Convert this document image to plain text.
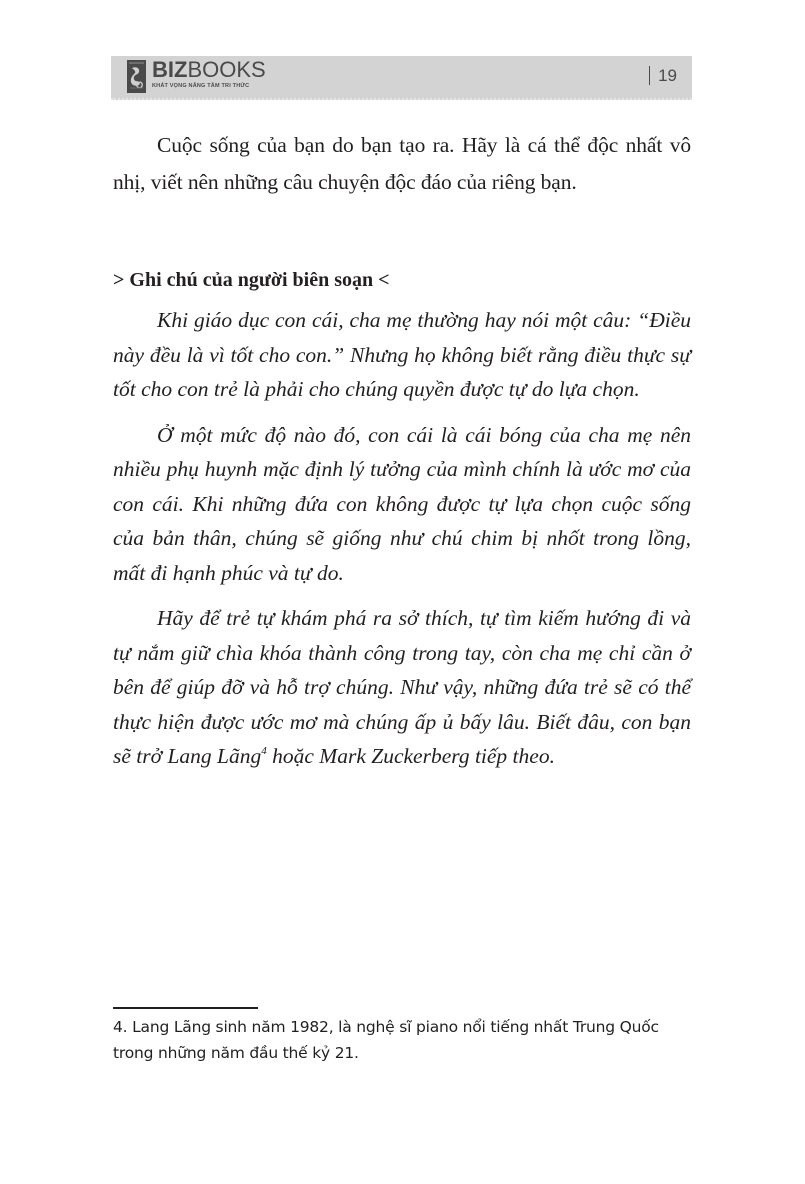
BIZBOOKS
KHÁT VỌNG NÂNG TẦM TRI THỨC
19

Cuộc sống của bạn do bạn tạo ra. Hãy là cá thể độc nhất vô nhị, viết nên những câu chuyện độc đáo của riêng bạn.

> Ghi chú của người biên soạn <

Khi giáo dục con cái, cha mẹ thường hay nói một câu: “Điều này đều là vì tốt cho con.” Nhưng họ không biết rằng điều thực sự tốt cho con trẻ là phải cho chúng quyền được tự do lựa chọn.

Ở một mức độ nào đó, con cái là cái bóng của cha mẹ nên nhiều phụ huynh mặc định lý tưởng của mình chính là ước mơ của con cái. Khi những đứa con không được tự lựa chọn cuộc sống của bản thân, chúng sẽ giống như chú chim bị nhốt trong lồng, mất đi hạnh phúc và tự do.

Hãy để trẻ tự khám phá ra sở thích, tự tìm kiếm hướng đi và tự nắm giữ chìa khóa thành công trong tay, còn cha mẹ chỉ cần ở bên để giúp đỡ và hỗ trợ chúng. Như vậy, những đứa trẻ sẽ có thể thực hiện được ước mơ mà chúng ấp ủ bấy lâu. Biết đâu, con bạn sẽ trở Lang Lãng$^4$ hoặc Mark Zuckerberg tiếp theo.

4. Lang Lãng sinh năm 1982, là nghệ sĩ piano nổi tiếng nhất Trung Quốc trong những năm đầu thế kỷ 21.
